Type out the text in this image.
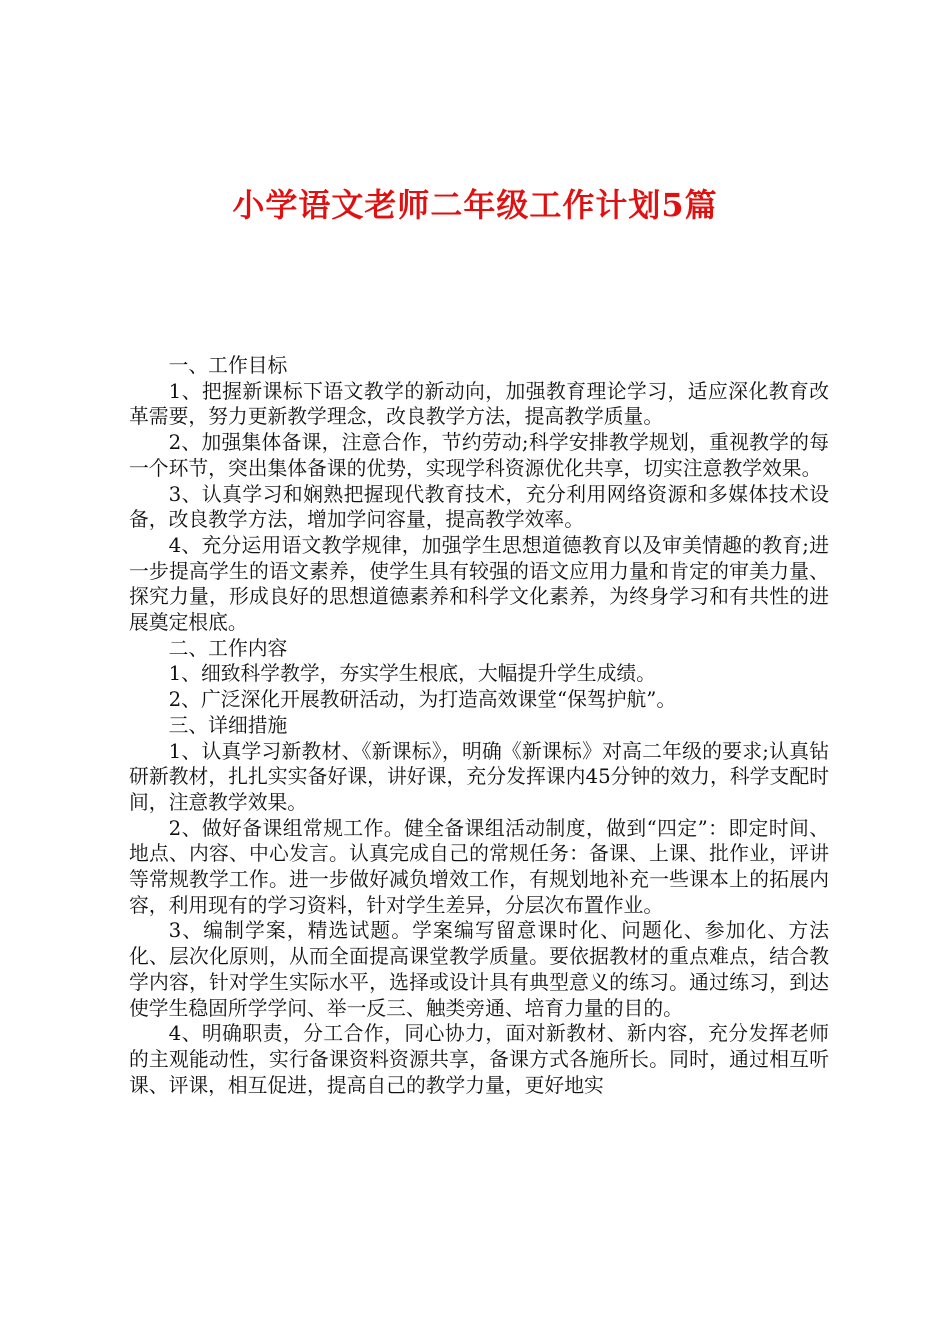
小学语文老师二年级工作计划5篇

一、工作目标

1、把握新课标下语文教学的新动向，加强教育理论学习，适应深化教育改革需要，努力更新教学理念，改良教学方法，提高教学质量。

2、加强集体备课，注意合作，节约劳动;科学安排教学规划，重视教学的每一个环节，突出集体备课的优势，实现学科资源优化共享，切实注意教学效果。

3、认真学习和娴熟把握现代教育技术，充分利用网络资源和多媒体技术设备，改良教学方法，增加学问容量，提高教学效率。

4、充分运用语文教学规律，加强学生思想道德教育以及审美情趣的教育;进一步提高学生的语文素养，使学生具有较强的语文应用力量和肯定的审美力量、探究力量，形成良好的思想道德素养和科学文化素养，为终身学习和有共性的进展奠定根底。

二、工作内容

1、细致科学教学，夯实学生根底，大幅提升学生成绩。

2、广泛深化开展教研活动，为打造高效课堂“保驾护航”。

三、详细措施

1、认真学习新教材、《新课标》，明确《新课标》对高二年级的要求;认真钻研新教材，扎扎实实备好课，讲好课，充分发挥课内45分钟的效力，科学支配时间，注意教学效果。

2、做好备课组常规工作。健全备课组活动制度，做到“四定”：即定时间、地点、内容、中心发言。认真完成自己的常规任务：备课、上课、批作业，评讲等常规教学工作。进一步做好减负增效工作，有规划地补充一些课本上的拓展内容，利用现有的学习资料，针对学生差异，分层次布置作业。

3、编制学案，精选试题。学案编写留意课时化、问题化、参加化、方法化、层次化原则，从而全面提高课堂教学质量。要依据教材的重点难点，结合教学内容，针对学生实际水平，选择或设计具有典型意义的练习。通过练习，到达使学生稳固所学学问、举一反三、触类旁通、培育力量的目的。

4、明确职责，分工合作，同心协力，面对新教材、新内容，充分发挥老师的主观能动性，实行备课资料资源共享，备课方式各施所长。同时，通过相互听课、评课，相互促进，提高自己的教学力量，更好地实
